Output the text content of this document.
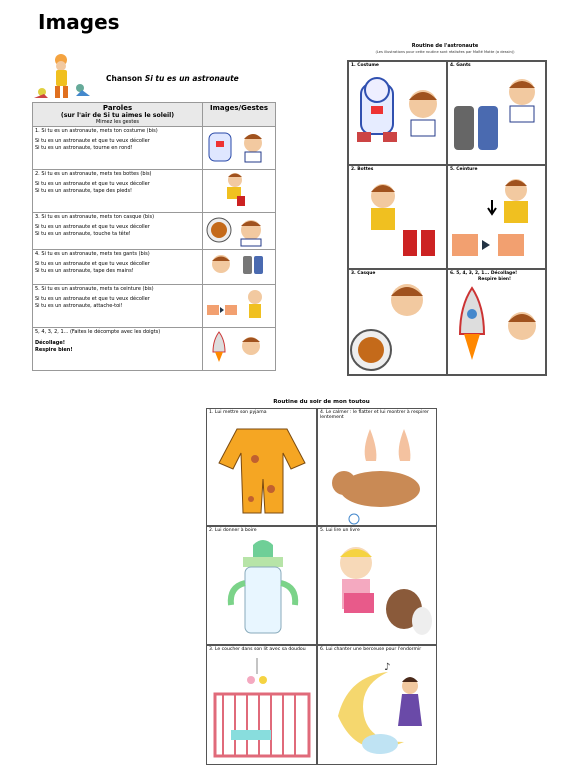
Images
Chanson Si tu es un astronaute
Paroles
(sur l'air de Si tu aimes le soleil)
Mimez les gestes	Images/Gestes

1. Si tu es un astronaute, mets ton costume (bis)

Si tu es un astronaute et que tu veux décoller

Si tu es un astronaute, tourne en rond!

2. Si tu es un astronaute, mets tes bottes (bis)

Si tu es un astronaute et que tu veux décoller

Si tu es un astronaute, tape des pieds!

3. Si tu es un astronaute, mets ton casque (bis)

Si tu es un astronaute et que tu veux décoller

Si tu es un astronaute, touche ta tête!

4. Si tu es un astronaute, mets tes gants (bis)

Si tu es un astronaute et que tu veux décoller

Si tu es un astronaute, tape des mains!

5. Si tu es un astronaute, mets ta ceinture (bis)

Si tu es un astronaute et que tu veux décoller

Si tu es un astronaute, attache-toi!

5, 4, 3, 2, 1... (Faites le décompte avec les doigts)

Décollage!

Respire bien!

Routine de l'astronaute
(Les illustrations pour cette routine sont réalisées par Maïté Motte (a dessin))
1. Costume	4. Gants
2. Bottes	5. Ceinture
3. Casque	6. 5, 4, 3, 2, 1... Décollage!
Respire bien!
Routine du soir de mon toutou
1. Lui mettre son pyjama	4. Le calmer : le flatter et lui montrer à respirer lentement
2. Lui donner à boire	5. Lui lire un livre
3. Le coucher dans son lit avec sa doudou	6. Lui chanter une berceuse pour l'endormir
♪
